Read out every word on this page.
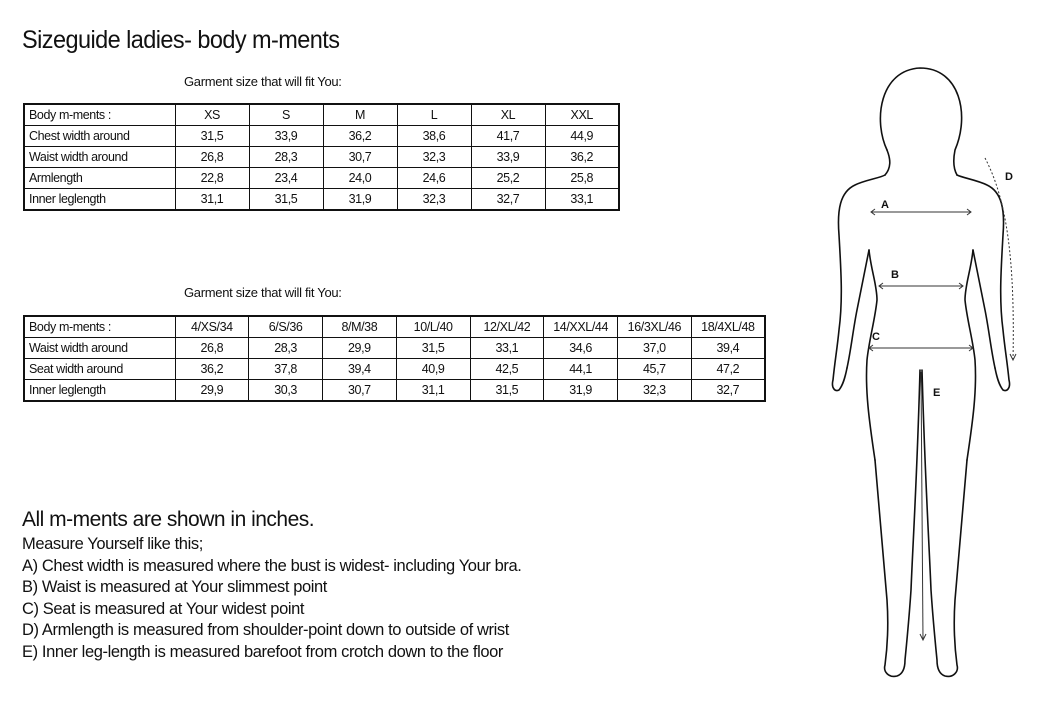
Sizeguide ladies- body m-ments
Garment size that will fit You:
Body m-ments :	XS	S	M	L	XL	XXL
Chest width around	31,5	33,9	36,2	38,6	41,7	44,9
Waist width around	26,8	28,3	30,7	32,3	33,9	36,2
Armlength	22,8	23,4	24,0	24,6	25,2	25,8
Inner leglength	31,1	31,5	31,9	32,3	32,7	33,1
Garment size that will fit You:
Body m-ments :	4/XS/34	6/S/36	8/M/38	10/L/40	12/XL/42	14/XXL/44	16/3XL/46	18/4XL/48
Waist width around	26,8	28,3	29,9	31,5	33,1	34,6	37,0	39,4
Seat width around	36,2	37,8	39,4	40,9	42,5	44,1	45,7	47,2
Inner leglength	29,9	30,3	30,7	31,1	31,5	31,9	32,3	32,7
All m-ments are shown in inches.
Measure Yourself like this;
A) Chest width is measured where the bust is widest- including Your bra.
B) Waist is measured at Your slimmest point
C) Seat is measured at Your widest point
D) Armlength is measured from shoulder-point down to outside of wrist
E) Inner leg-length is measured barefoot from crotch down to the floor
A
B
C
D
E
